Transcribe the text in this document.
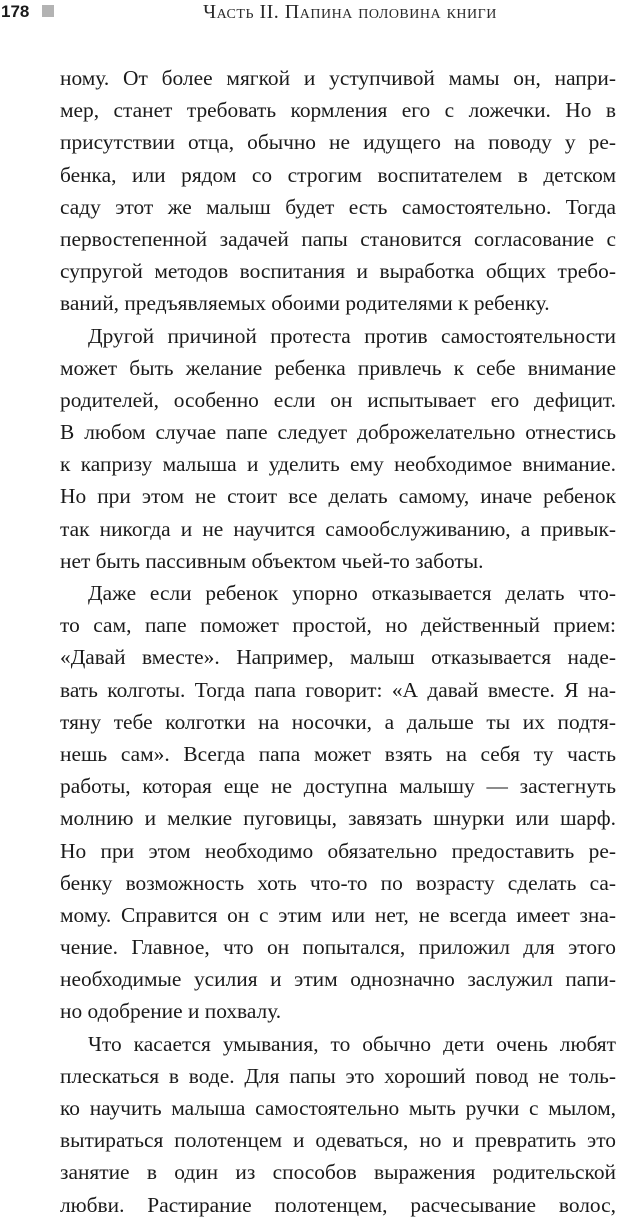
178	Часть II. Папина половина книги
ному. От более мягкой и уступчивой мамы он, напри-
мер, станет требовать кормления его с ложечки. Но в
присутствии отца, обычно не идущего на поводу у ре-
бенка, или рядом со строгим воспитателем в детском
саду этот же малыш будет есть самостоятельно. Тогда
первостепенной задачей папы становится согласование с
супругой методов воспитания и выработка общих требо-
ваний, предъявляемых обоими родителями к ребенку.
Другой причиной протеста против самостоятельности
может быть желание ребенка привлечь к себе внимание
родителей, особенно если он испытывает его дефицит.
В любом случае папе следует доброжелательно отнестись
к капризу малыша и уделить ему необходимое внимание.
Но при этом не стоит все делать самому, иначе ребенок
так никогда и не научится самообслуживанию, а привык-
нет быть пассивным объектом чьей-то заботы.
Даже если ребенок упорно отказывается делать что-
то сам, папе поможет простой, но действенный прием:
«Давай вместе». Например, малыш отказывается наде-
вать колготы. Тогда папа говорит: «А давай вместе. Я на-
тяну тебе колготки на носочки, а дальше ты их подтя-
нешь сам». Всегда папа может взять на себя ту часть
работы, которая еще не доступна малышу — застегнуть
молнию и мелкие пуговицы, завязать шнурки или шарф.
Но при этом необходимо обязательно предоставить ре-
бенку возможность хоть что-то по возрасту сделать са-
мому. Справится он с этим или нет, не всегда имеет зна-
чение. Главное, что он попытался, приложил для этого
необходимые усилия и этим однозначно заслужил папи-
но одобрение и похвалу.
Что касается умывания, то обычно дети очень любят
плескаться в воде. Для папы это хороший повод не толь-
ко научить малыша самостоятельно мыть ручки с мылом,
вытираться полотенцем и одеваться, но и превратить это
занятие в один из способов выражения родительской
любви. Растирание полотенцем, расчесывание волос,
